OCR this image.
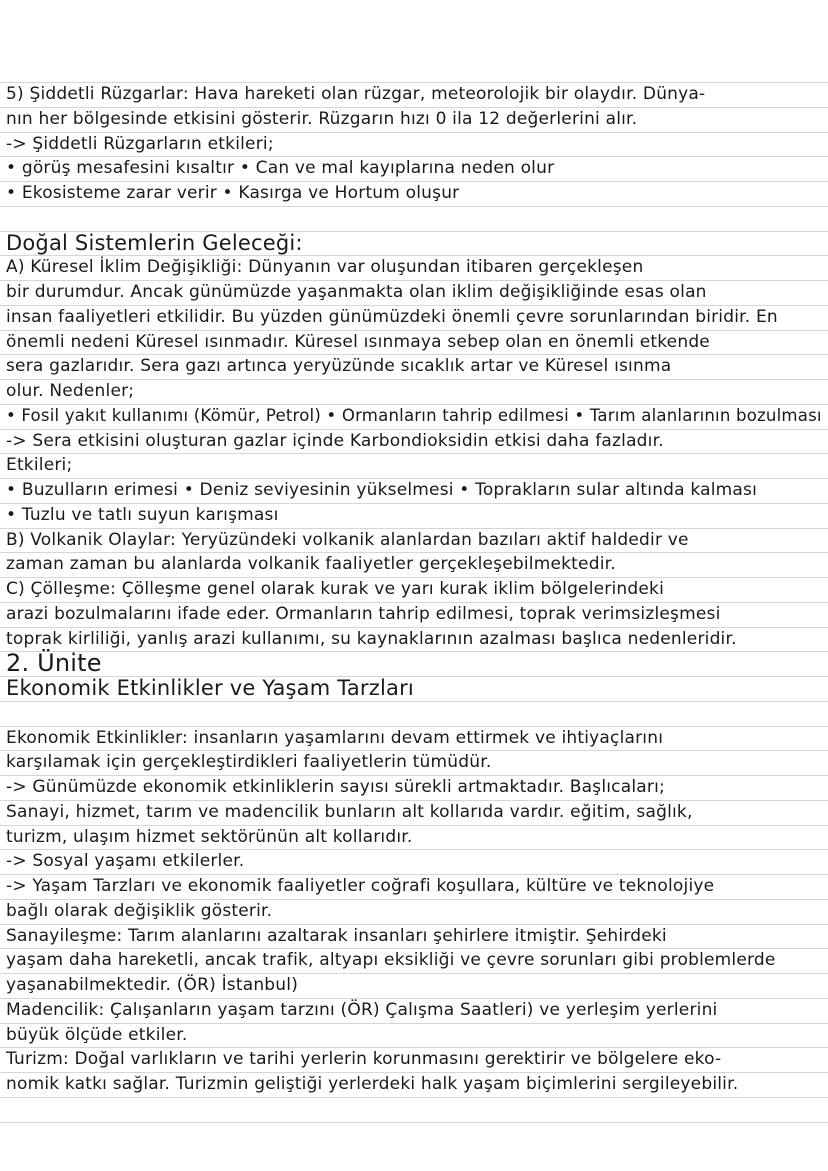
5) Şiddetli Rüzgarlar: Hava hareketi olan rüzgar, meteorolojik bir olaydır. Dünya-
nın her bölgesinde etkisini gösterir. Rüzgarın hızı 0 ila 12 değerlerini alır.
-> Şiddetli Rüzgarların etkileri;
• görüş mesafesini kısaltır • Can ve mal kayıplarına neden olur
• Ekosisteme zarar verir • Kasırga ve Hortum oluşur
Doğal Sistemlerin Geleceği:
A) Küresel İklim Değişikliği: Dünyanın var oluşundan itibaren gerçekleşen
bir durumdur. Ancak günümüzde yaşanmakta olan iklim değişikliğinde esas olan
insan faaliyetleri etkilidir. Bu yüzden günümüzdeki önemli çevre sorunlarından biridir. En
önemli nedeni Küresel ısınmadır. Küresel ısınmaya sebep olan en önemli etkende
sera gazlarıdır. Sera gazı artınca yeryüzünde sıcaklık artar ve Küresel ısınma
olur. Nedenler;
• Fosil yakıt kullanımı (Kömür, Petrol) • Ormanların tahrip edilmesi • Tarım alanlarının bozulması
-> Sera etkisini oluşturan gazlar içinde Karbondioksidin etkisi daha fazladır.
Etkileri;
• Buzulların erimesi • Deniz seviyesinin yükselmesi • Toprakların sular altında kalması
• Tuzlu ve tatlı suyun karışması
B) Volkanik Olaylar: Yeryüzündeki volkanik alanlardan bazıları aktif haldedir ve
zaman zaman bu alanlarda volkanik faaliyetler gerçekleşebilmektedir.
C) Çölleşme: Çölleşme genel olarak kurak ve yarı kurak iklim bölgelerindeki
arazi bozulmalarını ifade eder. Ormanların tahrip edilmesi, toprak verimsizleşmesi
toprak kirliliği, yanlış arazi kullanımı, su kaynaklarının azalması başlıca nedenleridir.
2. Ünite
Ekonomik Etkinlikler ve Yaşam Tarzları
Ekonomik Etkinlikler: insanların yaşamlarını devam ettirmek ve ihtiyaçlarını
karşılamak için gerçekleştirdikleri faaliyetlerin tümüdür.
-> Günümüzde ekonomik etkinliklerin sayısı sürekli artmaktadır. Başlıcaları;
Sanayi, hizmet, tarım ve madencilik bunların alt kollarıda vardır. eğitim, sağlık,
turizm, ulaşım hizmet sektörünün alt kollarıdır.
-> Sosyal yaşamı etkilerler.
-> Yaşam Tarzları ve ekonomik faaliyetler coğrafi koşullara, kültüre ve teknolojiye
bağlı olarak değişiklik gösterir.
Sanayileşme: Tarım alanlarını azaltarak insanları şehirlere itmiştir. Şehirdeki
yaşam daha hareketli, ancak trafik, altyapı eksikliği ve çevre sorunları gibi problemlerde
yaşanabilmektedir. (ÖR) İstanbul)
Madencilik: Çalışanların yaşam tarzını (ÖR) Çalışma Saatleri) ve yerleşim yerlerini
büyük ölçüde etkiler.
Turizm: Doğal varlıkların ve tarihi yerlerin korunmasını gerektirir ve bölgelere eko-
nomik katkı sağlar. Turizmin geliştiği yerlerdeki halk yaşam biçimlerini sergileyebilir.
